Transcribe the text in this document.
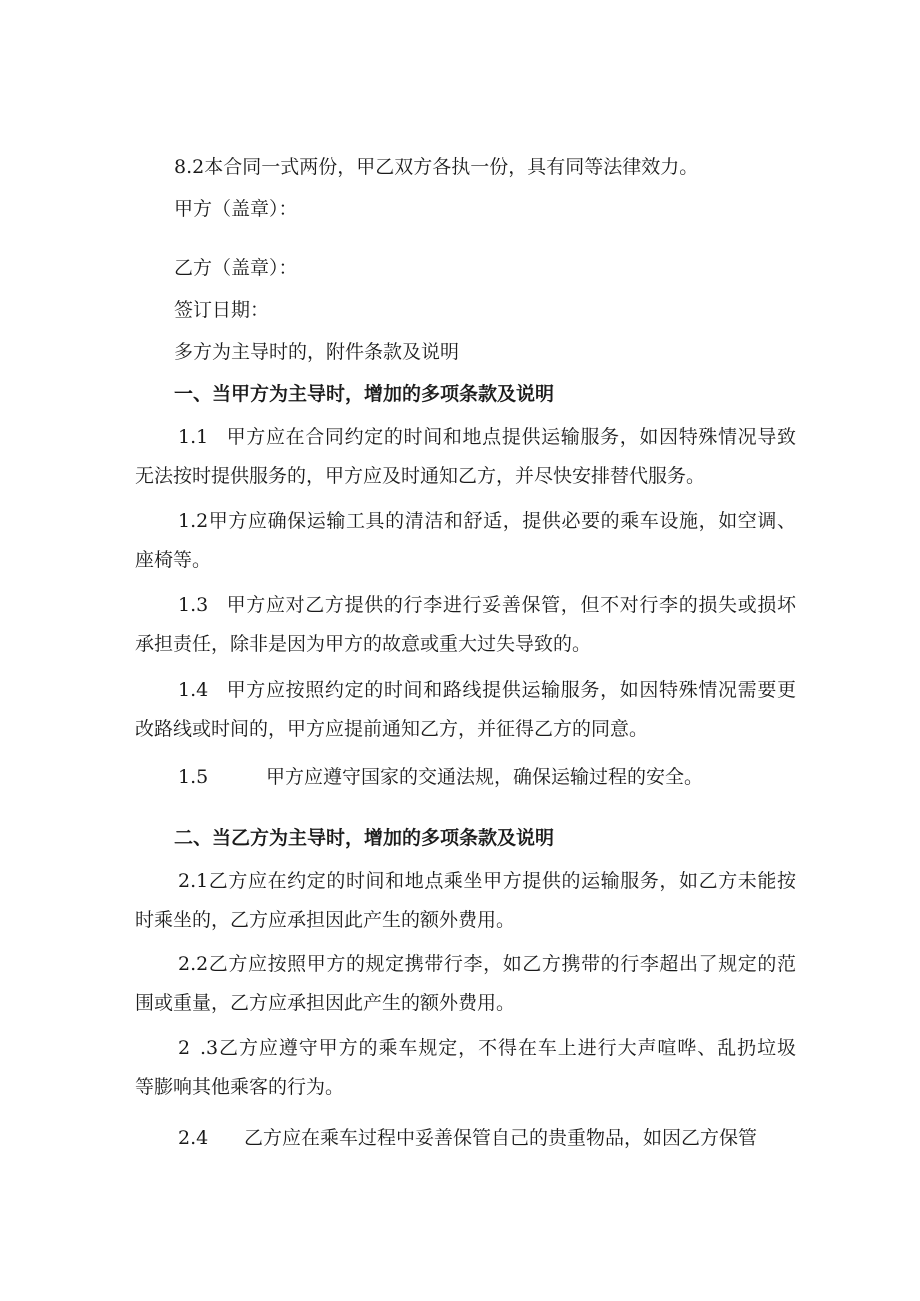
8.2本合同一式两份，甲乙双方各执一份，具有同等法律效力。

甲方（盖章）：

乙方（盖章）：

签订日期：

多方为主导时的，附件条款及说明

一、当甲方为主导时，增加的多项条款及说明

1.1 甲方应在合同约定的时间和地点提供运输服务，如因特殊情况导致

无法按时提供服务的，甲方应及时通知乙方，并尽快安排替代服务。

1.2甲方应确保运输工具的清洁和舒适，提供必要的乘车设施，如空调、

座椅等。

1.3 甲方应对乙方提供的行李进行妥善保管，但不对行李的损失或损坏

承担责任，除非是因为甲方的故意或重大过失导致的。

1.4 甲方应按照约定的时间和路线提供运输服务，如因特殊情况需要更

改路线或时间的，甲方应提前通知乙方，并征得乙方的同意。

1.5	甲方应遵守国家的交通法规，确保运输过程的安全。

二、当乙方为主导时，增加的多项条款及说明

2.1乙方应在约定的时间和地点乘坐甲方提供的运输服务，如乙方未能按

时乘坐的，乙方应承担因此产生的额外费用。

2.2乙方应按照甲方的规定携带行李，如乙方携带的行李超出了规定的范

围或重量，乙方应承担因此产生的额外费用。

2 .3乙方应遵守甲方的乘车规定，不得在车上进行大声喧哗、乱扔垃圾

等膨响其他乘客的行为。

2.4 乙方应在乘车过程中妥善保管自己的贵重物品，如因乙方保管
